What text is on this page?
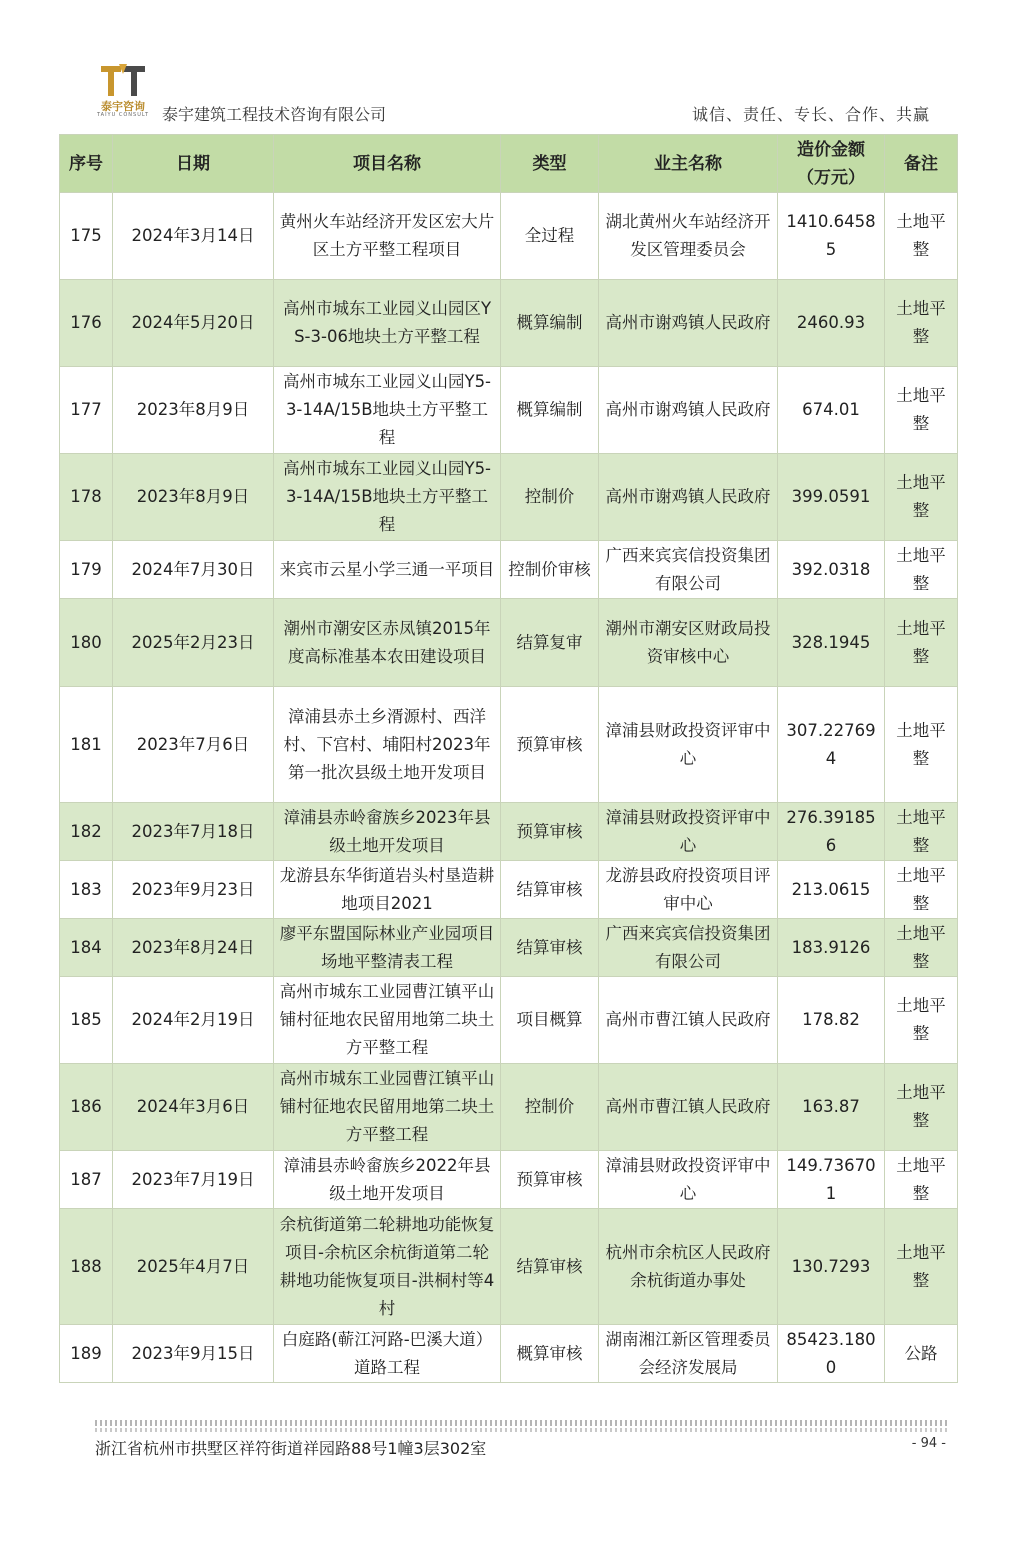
泰宇咨询
TAIYU CONSULT 泰宇建筑工程技术咨询有限公司	诚信、责任、专长、合作、共赢
序号	日期	项目名称	类型	业主名称	造价金额（万元）	备注
175	2024年3月14日	黄州火车站经济开发区宏大片区土方平整工程项目	全过程	湖北黄州火车站经济开发区管理委员会	1410.64585	土地平整
176	2024年5月20日	高州市城东工业园义山园区YS-3-06地块土方平整工程	概算编制	高州市谢鸡镇人民政府	2460.93	土地平整
177	2023年8月9日	高州市城东工业园义山园Y5-3-14A/15B地块土方平整工程	概算编制	高州市谢鸡镇人民政府	674.01	土地平整
178	2023年8月9日	高州市城东工业园义山园Y5-3-14A/15B地块土方平整工程	控制价	高州市谢鸡镇人民政府	399.0591	土地平整
179	2024年7月30日	来宾市云星小学三通一平项目	控制价审核	广西来宾宾信投资集团有限公司	392.0318	土地平整
180	2025年2月23日	潮州市潮安区赤凤镇2015年度高标准基本农田建设项目	结算复审	潮州市潮安区财政局投资审核中心	328.1945	土地平整
181	2023年7月6日	漳浦县赤土乡湑源村、西洋村、下宫村、埔阳村2023年第一批次县级土地开发项目	预算审核	漳浦县财政投资评审中心	307.227694	土地平整
182	2023年7月18日	漳浦县赤岭畲族乡2023年县级土地开发项目	预算审核	漳浦县财政投资评审中心	276.391856	土地平整
183	2023年9月23日	龙游县东华街道岩头村垦造耕地项目2021	结算审核	龙游县政府投资项目评审中心	213.0615	土地平整
184	2023年8月24日	廖平东盟国际林业产业园项目场地平整清表工程	结算审核	广西来宾宾信投资集团有限公司	183.9126	土地平整
185	2024年2月19日	高州市城东工业园曹江镇平山铺村征地农民留用地第二块土方平整工程	项目概算	高州市曹江镇人民政府	178.82	土地平整
186	2024年3月6日	高州市城东工业园曹江镇平山铺村征地农民留用地第二块土方平整工程	控制价	高州市曹江镇人民政府	163.87	土地平整
187	2023年7月19日	漳浦县赤岭畲族乡2022年县级土地开发项目	预算审核	漳浦县财政投资评审中心	149.736701	土地平整
188	2025年4月7日	余杭街道第二轮耕地功能恢复项目-余杭区余杭街道第二轮耕地功能恢复项目-洪桐村等4村	结算审核	杭州市余杭区人民政府余杭街道办事处	130.7293	土地平整
189	2023年9月15日	白庭路(蕲江河路-巴溪大道）道路工程	概算审核	湖南湘江新区管理委员会经济发展局	85423.1800	公路
浙江省杭州市拱墅区祥符街道祥园路88号1幢3层302室	- 94 -
